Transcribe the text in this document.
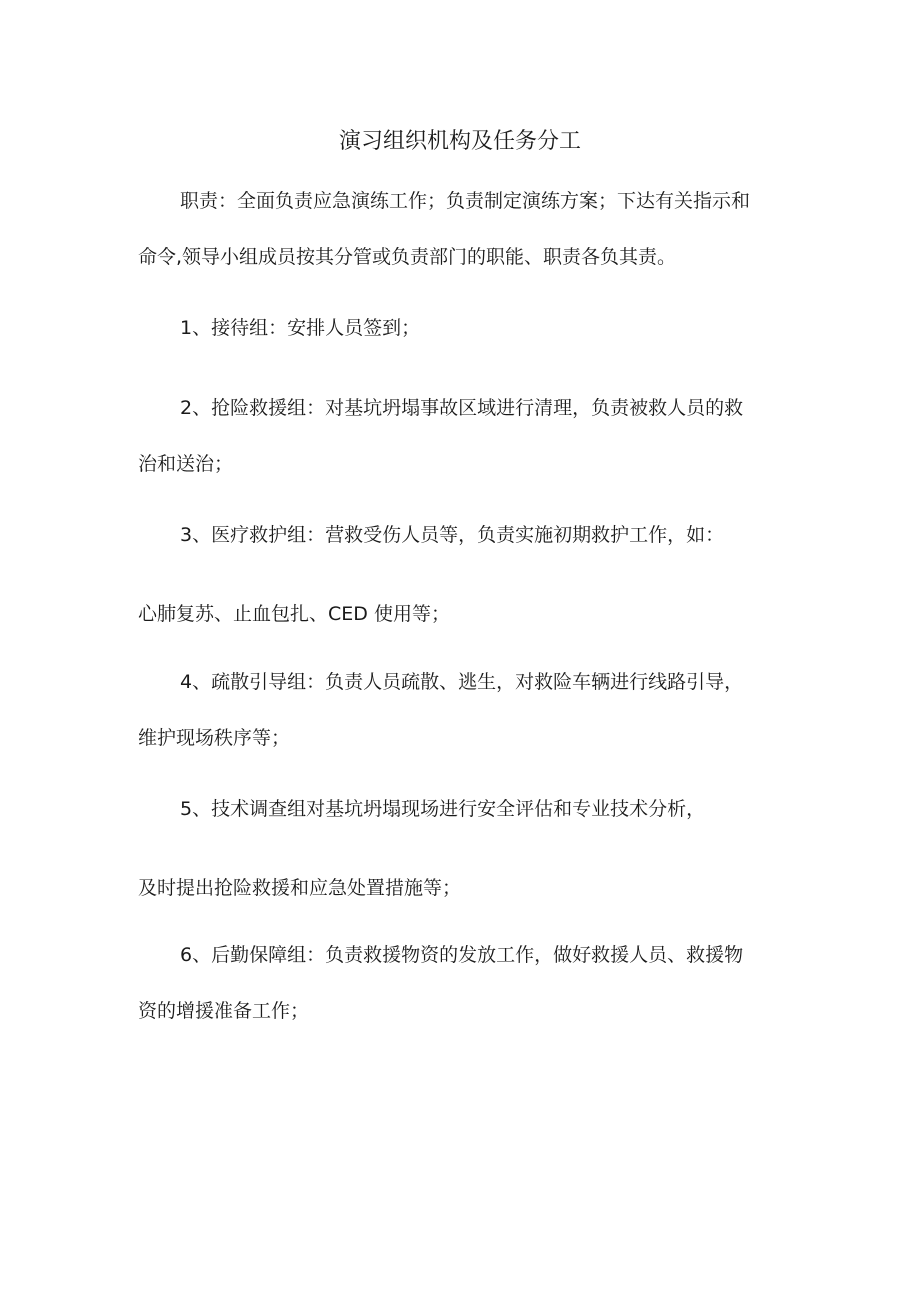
演习组织机构及任务分工
职责：全面负责应急演练工作；负责制定演练方案；下达有关指示和
命令,领导小组成员按其分管或负责部门的职能、职责各负其责。
1、接待组：安排人员签到；
2、抢险救援组：对基坑坍塌事故区域进行清理，负责被救人员的救
治和送治；
3、医疗救护组：营救受伤人员等，负责实施初期救护工作，如：
心肺复苏、止血包扎、CED 使用等；
4、疏散引导组：负责人员疏散、逃生，对救险车辆进行线路引导，
维护现场秩序等；
5、技术调查组对基坑坍塌现场进行安全评估和专业技术分析，
及时提出抢险救援和应急处置措施等；
6、后勤保障组：负责救援物资的发放工作，做好救援人员、救援物
资的增援准备工作；
